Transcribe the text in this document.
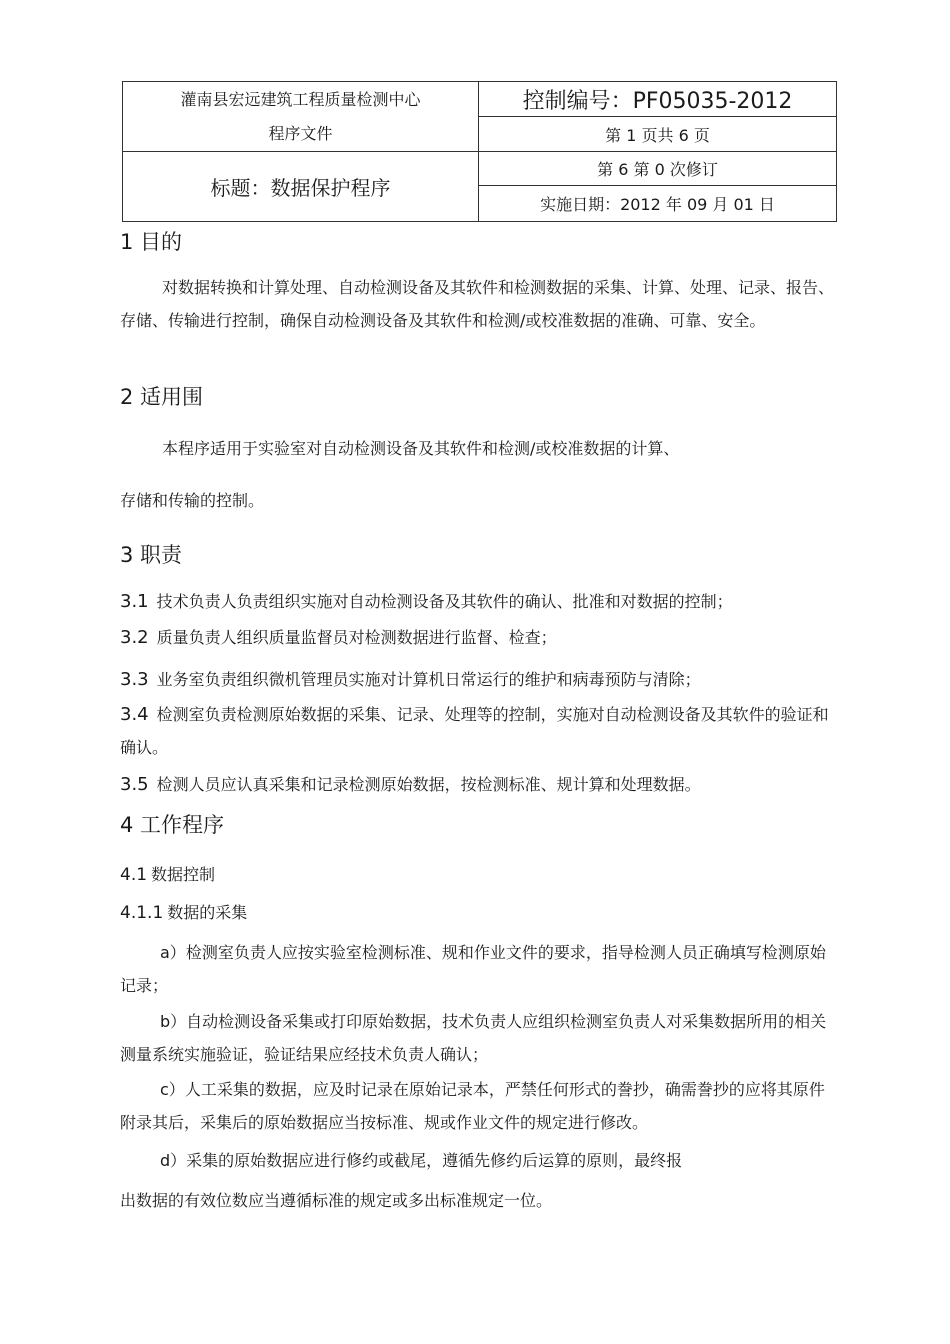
灌南县宏远建筑工程质量检测中心
程序文件	控制编号：PF05035-2012
	第 1 页共 6 页
标题：数据保护程序	第 6 第 0 次修订
	实施日期：2012 年 09 月 01 日
1 目的

对数据转换和计算处理、自动检测设备及其软件和检测数据的采集、计算、处理、记录、报告、存储、传输进行控制，确保自动检测设备及其软件和检测/或校准数据的准确、可靠、安全。

2 适用围
本程序适用于实验室对自动检测设备及其软件和检测/或校准数据的计算、
存储和传输的控制。
3 职责
3.1 技术负责人负责组织实施对自动检测设备及其软件的确认、批准和对数据的控制；
3.2 质量负责人组织质量监督员对检测数据进行监督、检查；
3.3 业务室负责组织微机管理员实施对计算机日常运行的维护和病毒预防与清除；

3.4 检测室负责检测原始数据的采集、记录、处理等的控制，实施对自动检测设备及其软件的验证和确认。

3.5 检测人员应认真采集和记录检测原始数据，按检测标准、规计算和处理数据。
4 工作程序
4.1 数据控制
4.1.1 数据的采集

a）检测室负责人应按实验室检测标准、规和作业文件的要求，指导检测人员正确填写检测原始记录；

b）自动检测设备采集或打印原始数据，技术负责人应组织检测室负责人对采集数据所用的相关测量系统实施验证，验证结果应经技术负责人确认；

c）人工采集的数据，应及时记录在原始记录本，严禁任何形式的誊抄，确需誊抄的应将其原件附录其后，采集后的原始数据应当按标准、规或作业文件的规定进行修改。

d）采集的原始数据应进行修约或截尾，遵循先修约后运算的原则，最终报
出数据的有效位数应当遵循标准的规定或多出标准规定一位。
